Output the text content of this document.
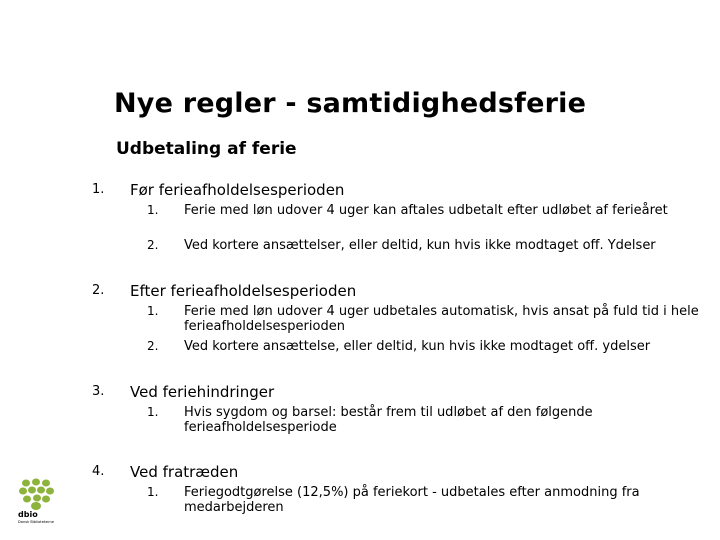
Nye regler - samtidighedsferie
Udbetaling af ferie
1. Før ferieafholdelsesperioden
1. Ferie med løn udover 4 uger kan aftales udbetalt efter udløbet af ferieåret
2. Ved kortere ansættelser, eller deltid, kun hvis ikke modtaget off. Ydelser
2. Efter ferieafholdelsesperioden
1. Ferie med løn udover 4 uger udbetales automatisk, hvis ansat på fuld tid i hele ferieafholdelsesperioden
2. Ved kortere ansættelse, eller deltid, kun hvis ikke modtaget off. ydelser
3. Ved feriehindringer
1. Hvis sygdom og barsel: består frem til udløbet af den følgende ferieafholdelsesperiode
4. Ved fratræden
1. Feriegodtgørelse (12,5%) på feriekort - udbetales efter anmodning fra medarbejderen
dbio
Dansk Bibliotekerne
